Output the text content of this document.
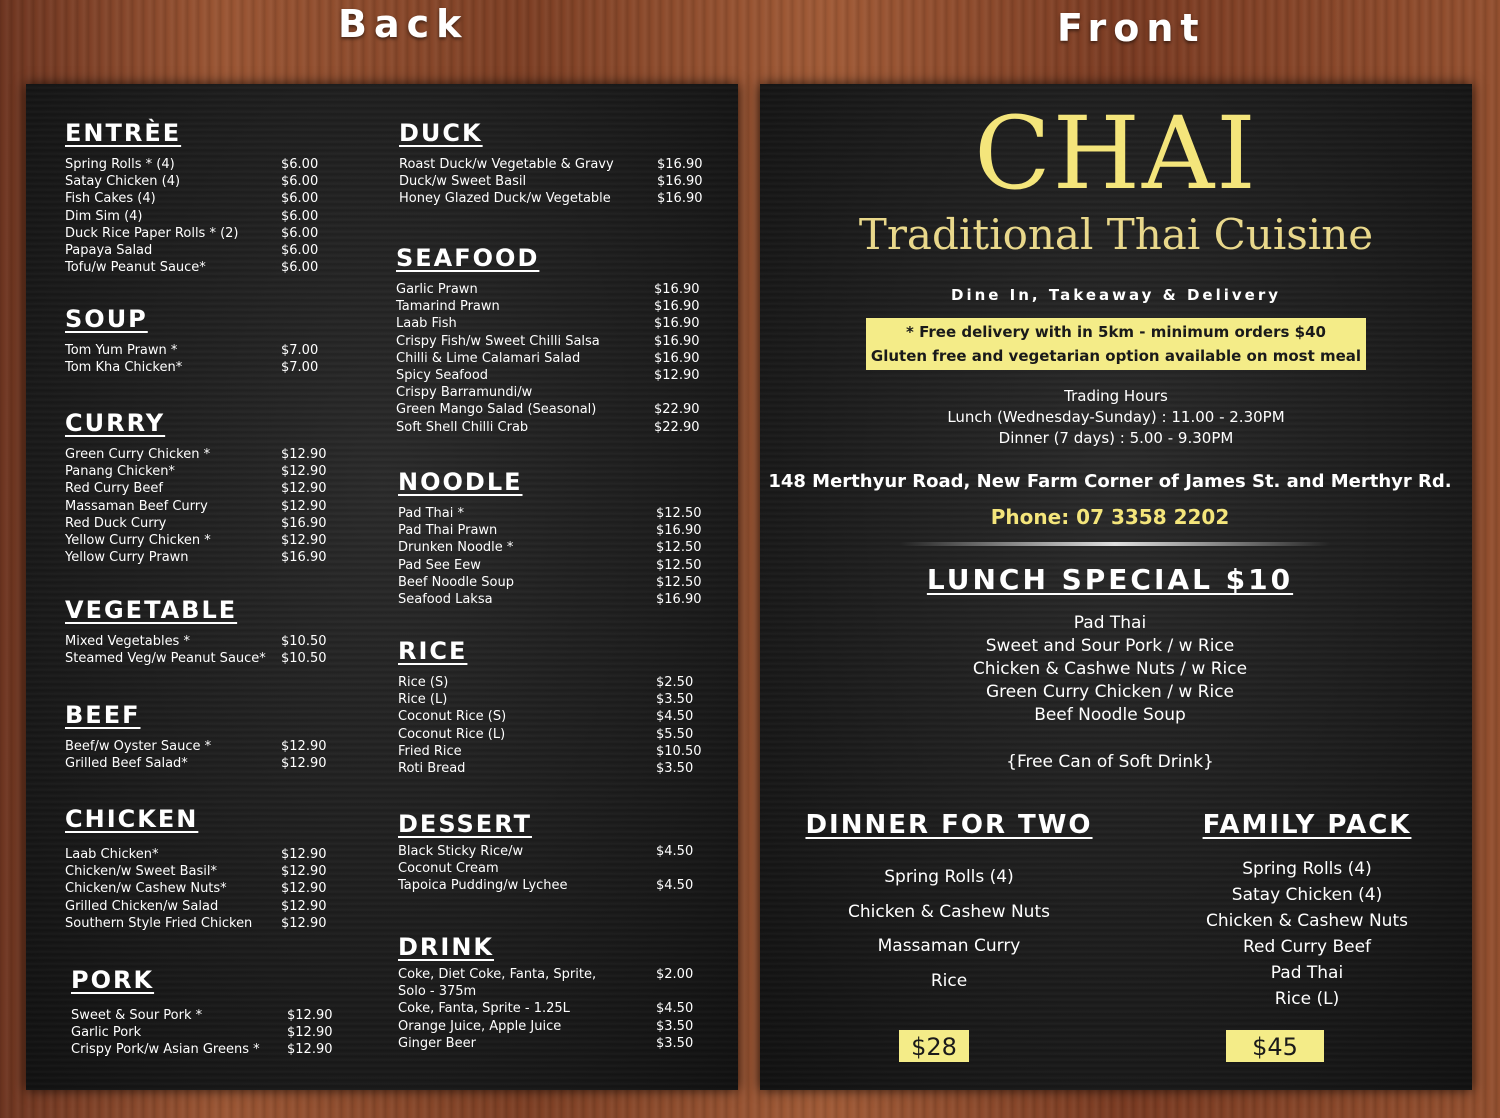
Back	Front
ENTRÈE
Spring Rolls * (4)	$6.00
Satay Chicken (4)	$6.00
Fish Cakes (4)	$6.00
Dim Sim (4)	$6.00
Duck Rice Paper Rolls * (2)	$6.00
Papaya Salad	$6.00
Tofu/w Peanut Sauce*	$6.00
SOUP
Tom Yum Prawn *	$7.00
Tom Kha Chicken*	$7.00
CURRY
Green Curry Chicken *	$12.90
Panang Chicken*	$12.90
Red Curry Beef	$12.90
Massaman Beef Curry	$12.90
Red Duck Curry	$16.90
Yellow Curry Chicken *	$12.90
Yellow Curry Prawn	$16.90
VEGETABLE
Mixed Vegetables *	$10.50
Steamed Veg/w Peanut Sauce* $10.50
BEEF
Beef/w Oyster Sauce *	$12.90
Grilled Beef Salad*	$12.90
CHICKEN
Laab Chicken*	$12.90
Chicken/w Sweet Basil*	$12.90
Chicken/w Cashew Nuts*	$12.90
Grilled Chicken/w Salad	$12.90
Southern Style Fried Chicken $12.90
PORK
Sweet & Sour Pork *	$12.90
Garlic Pork	$12.90
Crispy Pork/w Asian Greens * $12.90
DUCK
Roast Duck/w Vegetable & Gravy	$16.90
Duck/w Sweet Basil	$16.90
Honey Glazed Duck/w Vegetable	$16.90
SEAFOOD
Garlic Prawn	$16.90
Tamarind Prawn	$16.90
Laab Fish	$16.90
Crispy Fish/w Sweet Chilli Salsa	$16.90
Chilli & Lime Calamari Salad	$16.90
Spicy Seafood	$12.90
Crispy Barramundi/w
Green Mango Salad (Seasonal)	$22.90
Soft Shell Chilli Crab	$22.90
NOODLE
Pad Thai *	$12.50
Pad Thai Prawn	$16.90
Drunken Noodle *	$12.50
Pad See Eew	$12.50
Beef Noodle Soup	$12.50
Seafood Laksa	$16.90
RICE
Rice (S)	$2.50
Rice (L)	$3.50
Coconut Rice (S)	$4.50
Coconut Rice (L)	$5.50
Fried Rice	$10.50
Roti Bread	$3.50
DESSERT
Black Sticky Rice/w	$4.50
Coconut Cream
Tapoica Pudding/w Lychee	$4.50
DRINK
Coke, Diet Coke, Fanta, Sprite,	$2.00
Solo - 375m
Coke, Fanta, Sprite - 1.25L	$4.50
Orange Juice, Apple Juice	$3.50
Ginger Beer	$3.50
CHAI
Traditional Thai Cuisine
Dine In, Takeaway & Delivery
* Free delivery with in 5km - minimum orders $40
Gluten free and vegetarian option available on most meal
Trading Hours
Lunch (Wednesday-Sunday) : 11.00 - 2.30PM
Dinner (7 days) : 5.00 - 9.30PM
148 Merthyur Road, New Farm Corner of James St. and Merthyr Rd.
Phone: 07 3358 2202
LUNCH SPECIAL $10
Pad Thai
Sweet and Sour Pork / w Rice
Chicken & Cashwe Nuts / w Rice
Green Curry Chicken / w Rice
Beef Noodle Soup
{Free Can of Soft Drink}
DINNER FOR TWO
Spring Rolls (4)
Chicken & Cashew Nuts
Massaman Curry
Rice
FAMILY PACK
Spring Rolls (4)
Satay Chicken (4)
Chicken & Cashew Nuts
Red Curry Beef
Pad Thai
Rice (L)
$28	$45
